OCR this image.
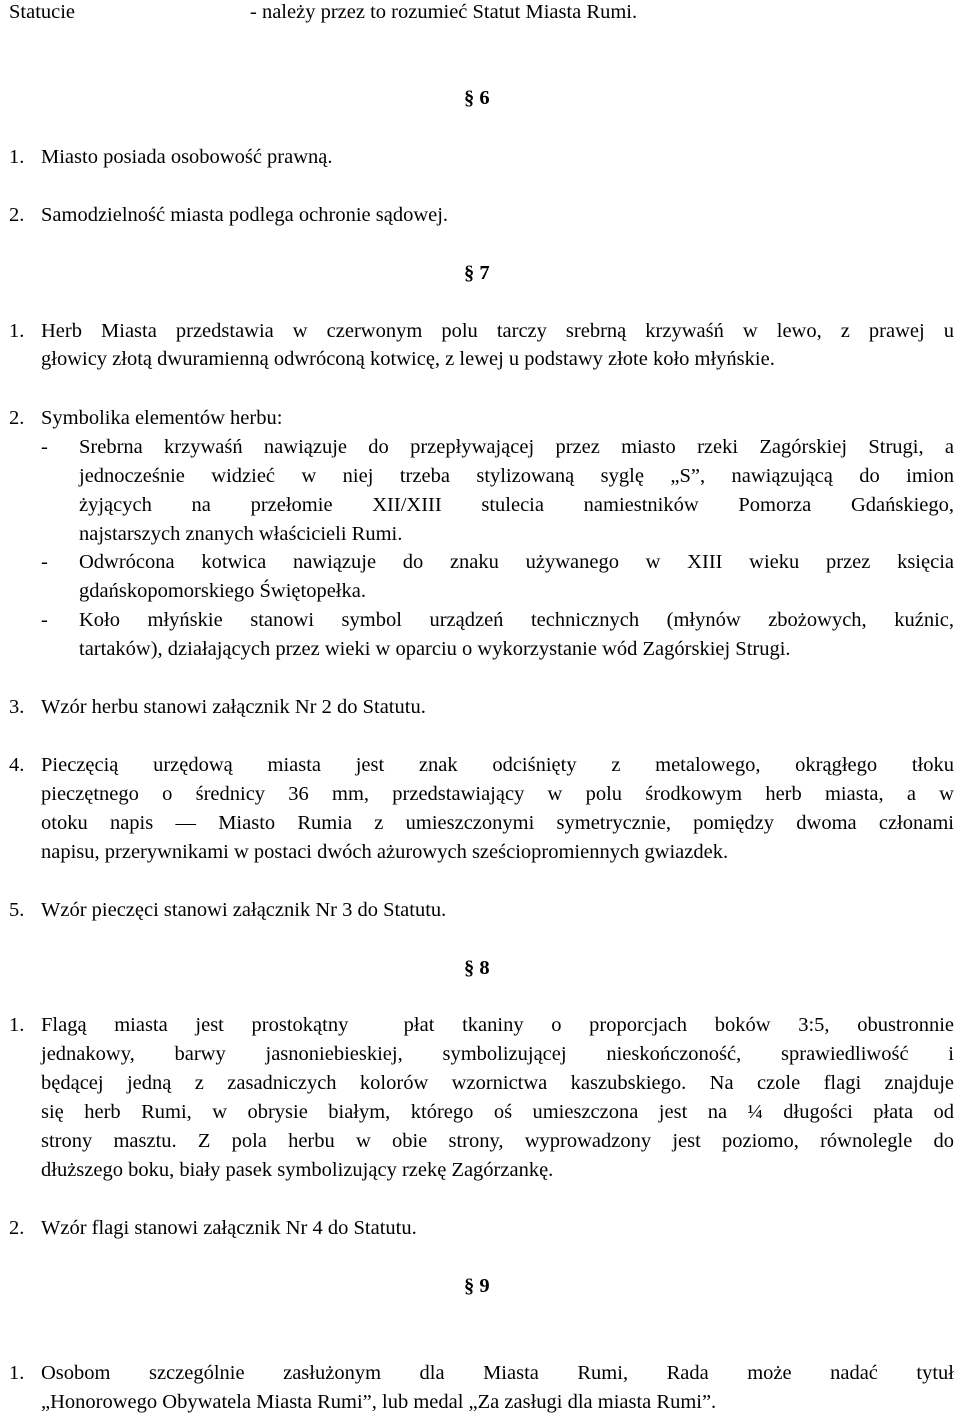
Statucie	- należy przez to rozumieć Statut Miasta Rumi.
§ 6
1. Miasto posiada osobowość prawną.
2. Samodzielność miasta podlega ochronie sądowej.
§ 7
1. Herb Miasta przedstawia w czerwonym polu tarczy srebrną krzywaśń w lewo, z prawej u
głowicy złotą dwuramienną odwróconą kotwicę, z lewej u podstawy złote koło młyńskie.
2. Symbolika elementów herbu:
- Srebrna krzywaśń nawiązuje do przepływającej przez miasto rzeki Zagórskiej Strugi, a
jednocześnie widzieć w niej trzeba stylizowaną syglę „S”, nawiązującą do imion
żyjących na przełomie XII/XIII stulecia namiestników Pomorza Gdańskiego,
najstarszych znanych właścicieli Rumi.
- Odwrócona kotwica nawiązuje do znaku używanego w XIII wieku przez księcia
gdańskopomorskiego Świętopełka.
- Koło młyńskie stanowi symbol urządzeń technicznych (młynów zbożowych, kuźnic,
tartaków), działających przez wieki w oparciu o wykorzystanie wód Zagórskiej Strugi.
3. Wzór herbu stanowi załącznik Nr 2 do Statutu.
4. Pieczęcią urzędową miasta jest znak odciśnięty z metalowego, okrągłego tłoku
pieczętnego o średnicy 36 mm, przedstawiający w polu środkowym herb miasta, a w
otoku napis — Miasto Rumia z umieszczonymi symetrycznie, pomiędzy dwoma członami
napisu, przerywnikami w postaci dwóch ażurowych sześciopromiennych gwiazdek.
5. Wzór pieczęci stanowi załącznik Nr 3 do Statutu.
§ 8
1. Flagą miasta jest prostokątny  płat tkaniny o proporcjach boków 3:5, obustronnie
jednakowy, barwy jasnoniebieskiej, symbolizującej nieskończoność, sprawiedliwość i
będącej jedną z zasadniczych kolorów wzornictwa kaszubskiego. Na czole flagi znajduje
się herb Rumi, w obrysie białym, którego oś umieszczona jest na ¼ długości płata od
strony masztu. Z pola herbu w obie strony, wyprowadzony jest poziomo, równolegle do
dłuższego boku, biały pasek symbolizujący rzekę Zagórzankę.
2. Wzór flagi stanowi załącznik Nr 4 do Statutu.
§ 9
1. Osobom szczególnie zasłużonym dla Miasta Rumi, Rada może nadać tytuł
„Honorowego Obywatela Miasta Rumi”, lub medal „Za zasługi dla miasta Rumi”.
